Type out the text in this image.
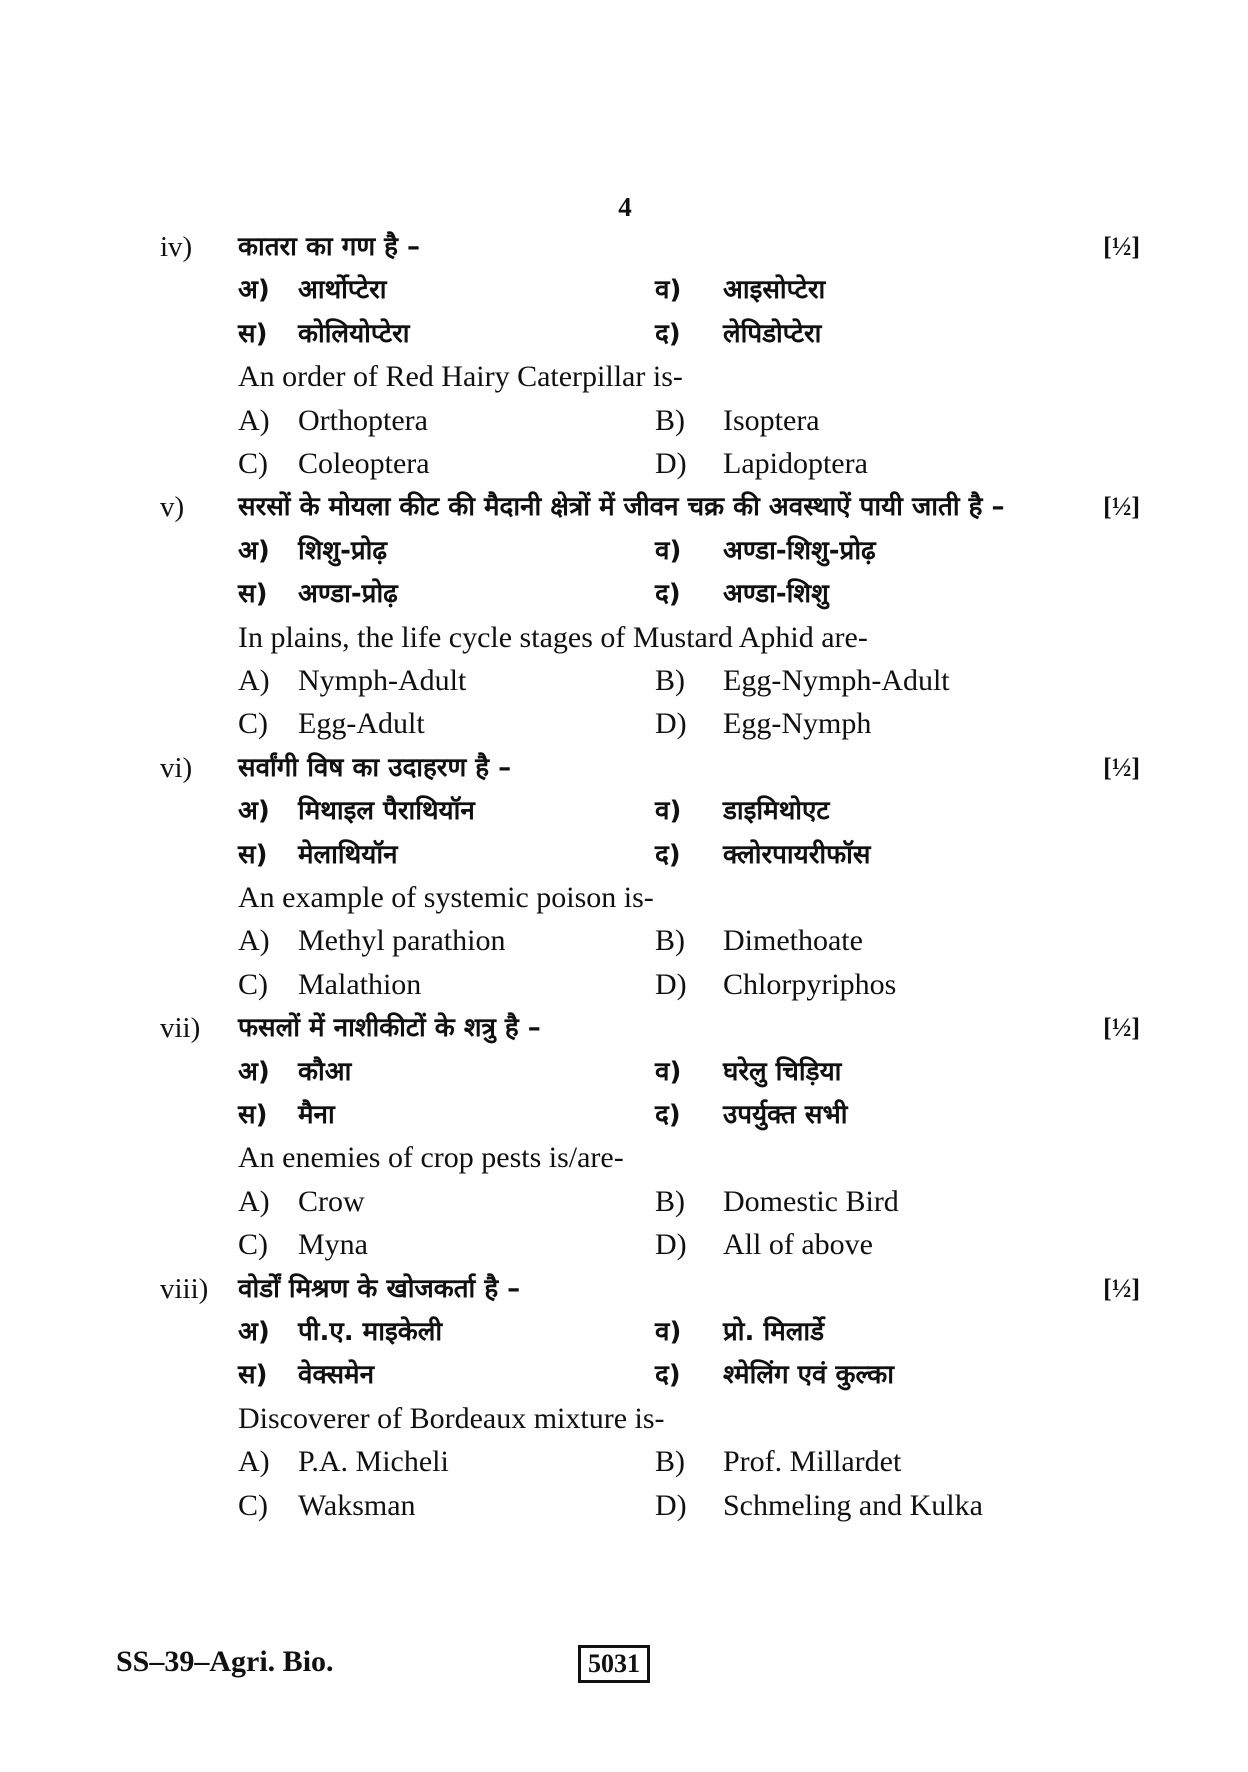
4
iv) कातरा का गण है –	[½]
अ) आर्थोप्टेरा	व) आइसोप्टेरा
स) कोलियोप्टेरा	द) लेपिडोप्टेरा
An order of Red Hairy Caterpillar is-
A) Orthoptera	B) Isoptera
C) Coleoptera	D) Lapidoptera
v) सरसों के मोयला कीट की मैदानी क्षेत्रों में जीवन चक्र की अवस्थाऐं पायी जाती है –	[½]
अ) शिशु-प्रोढ़	व) अण्डा-शिशु-प्रोढ़
स) अण्डा-प्रोढ़	द) अण्डा-शिशु
In plains, the life cycle stages of Mustard Aphid are-
A) Nymph-Adult	B) Egg-Nymph-Adult
C) Egg-Adult	D) Egg-Nymph
vi) सर्वांगी विष का उदाहरण है –	[½]
अ) मिथाइल पैराथियॉन	व) डाइमिथोएट
स) मेलाथियॉन	द) क्लोरपायरीफॉस
An example of systemic poison is-
A) Methyl parathion	B) Dimethoate
C) Malathion	D) Chlorpyriphos
vii) फसलों में नाशीकीटों के शत्रु है –	[½]
अ) कौआ	व) घरेलु चिड़िया
स) मैना	द) उपर्युक्त सभी
An enemies of crop pests is/are-
A) Crow	B) Domestic Bird
C) Myna	D) All of above
viii) वोर्डों मिश्रण के खोजकर्ता है –	[½]
अ) पी.ए. माइकेली	व) प्रो. मिलार्डे
स) वेक्समेन	द) श्मेलिंग एवं कुल्का
Discoverer of Bordeaux mixture is-
A) P.A. Micheli	B) Prof. Millardet
C) Waksman	D) Schmeling and Kulka
SS–39–Agri. Bio.	5031
